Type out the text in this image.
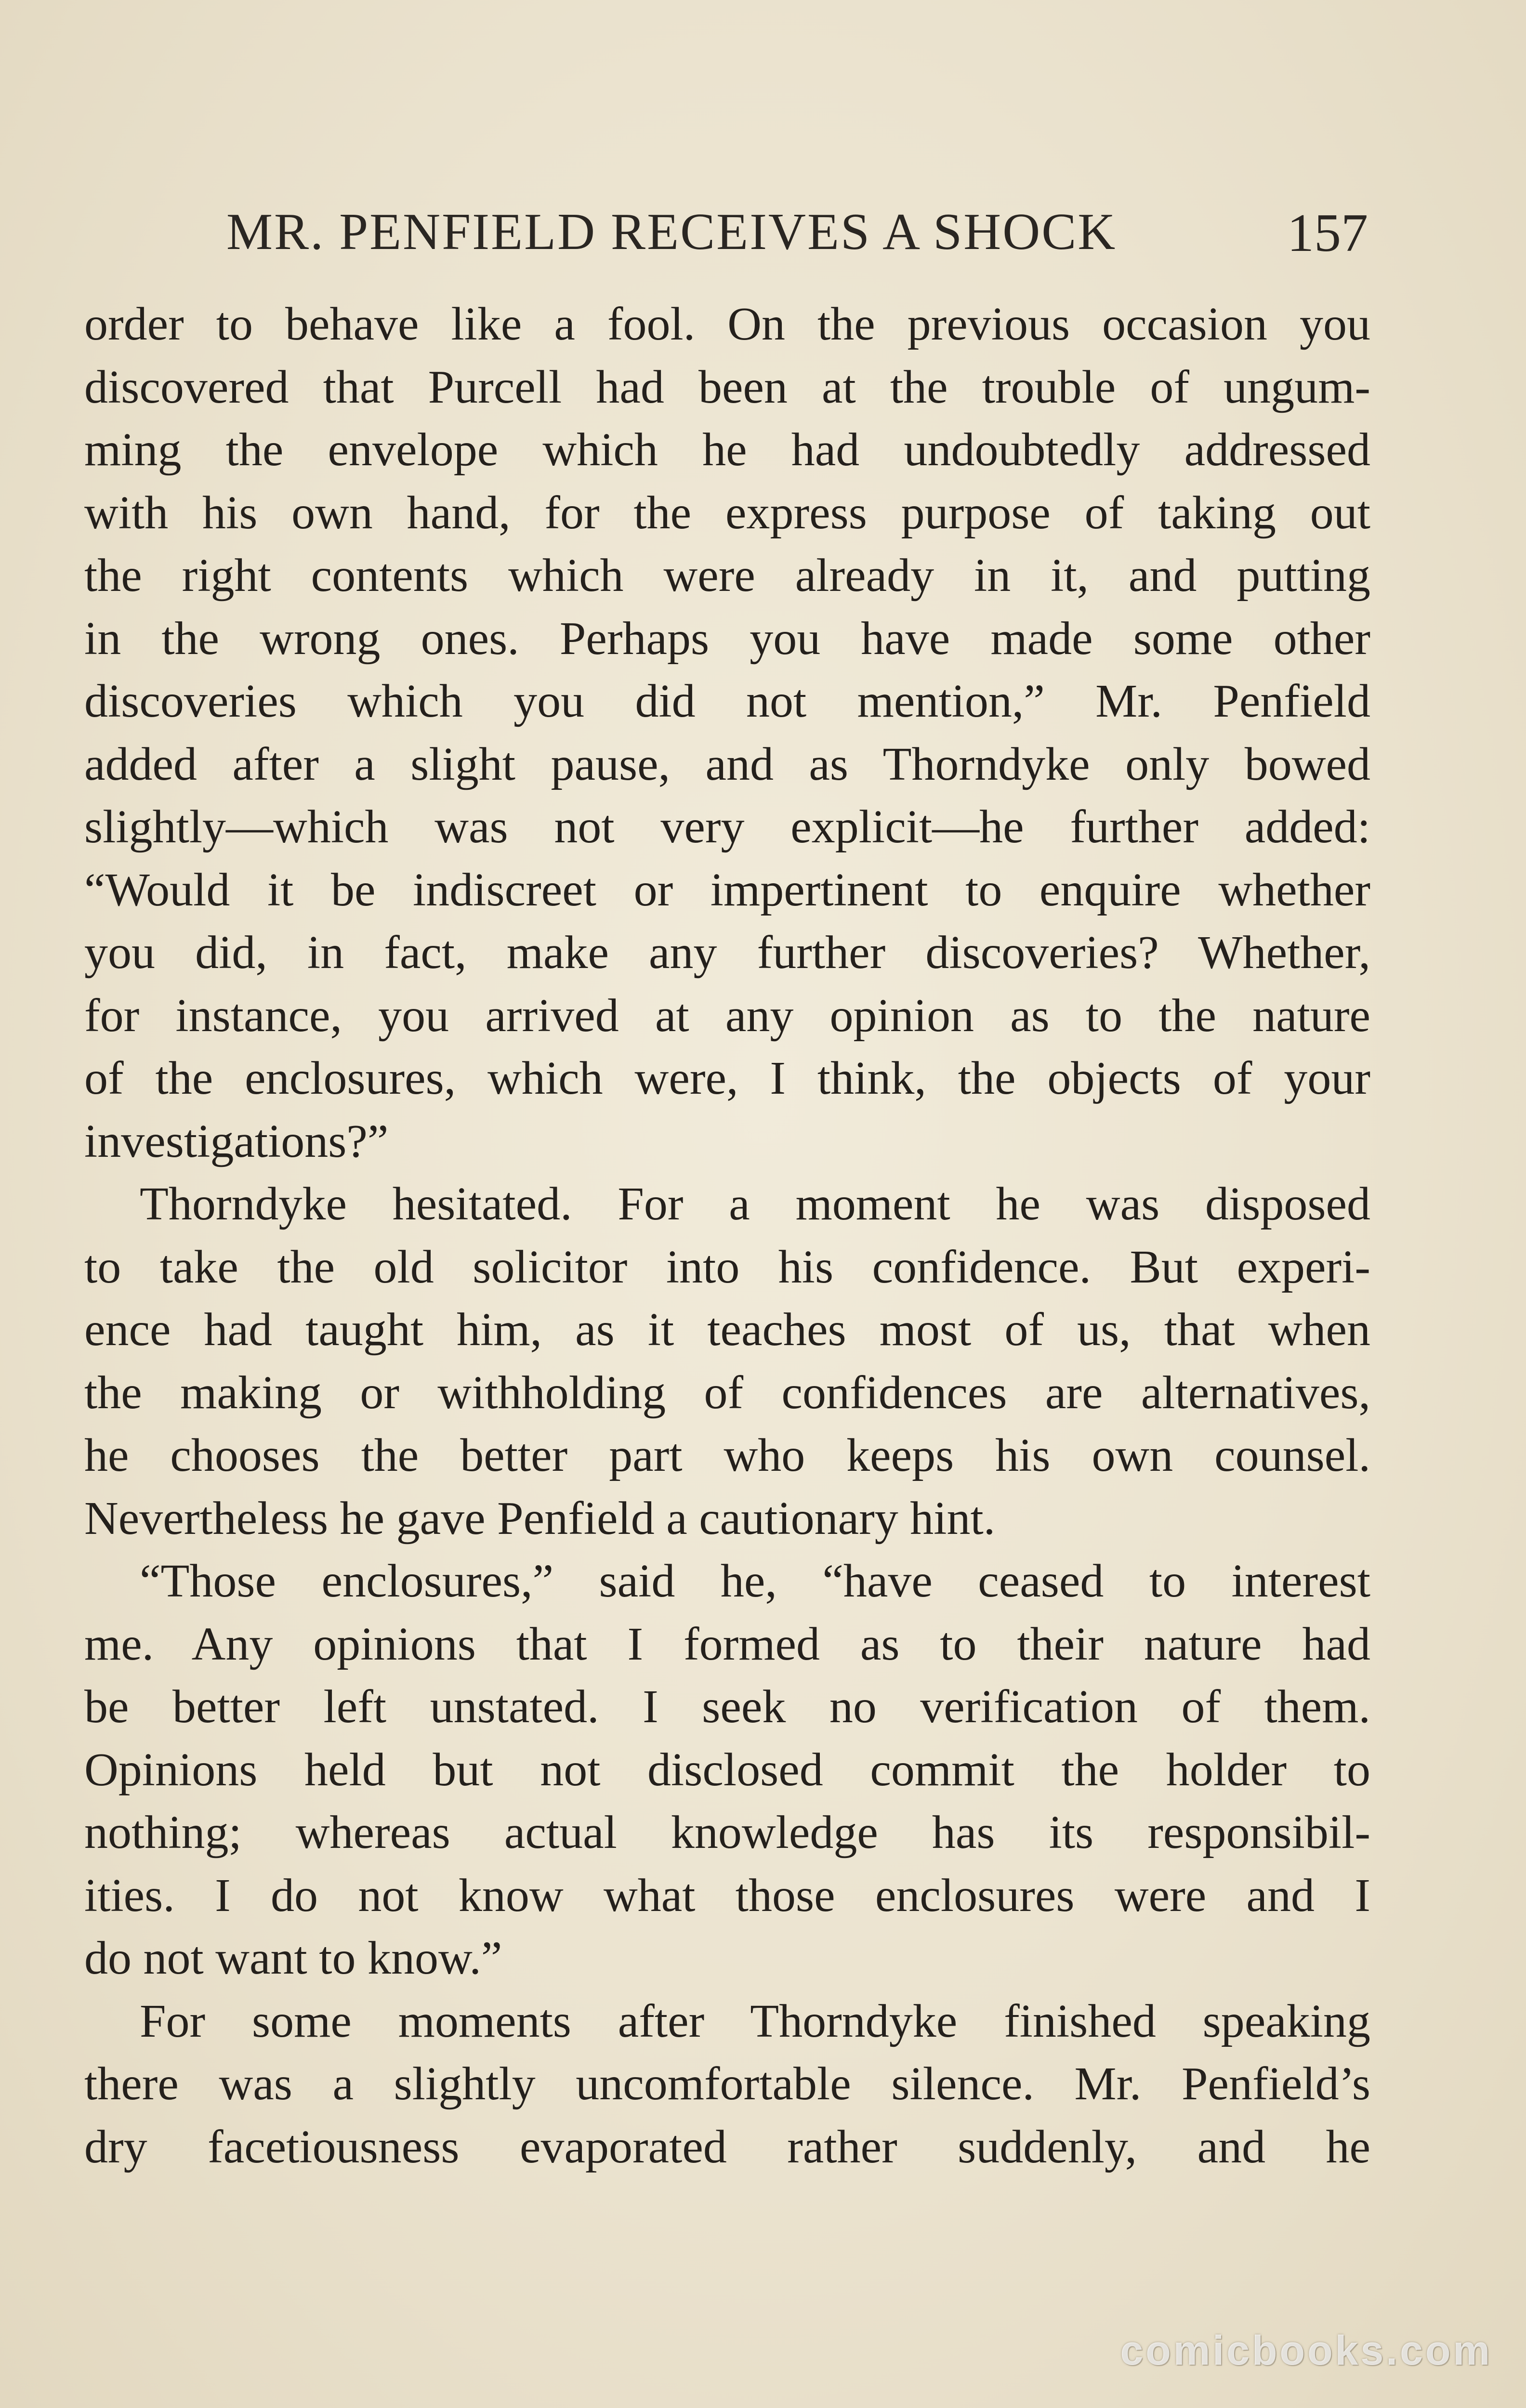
MR. PENFIELD RECEIVES A SHOCK	157
order to behave like a fool. On the previous occasion you
discovered that Purcell had been at the trouble of ungum-
ming the envelope which he had undoubtedly addressed
with his own hand, for the express purpose of taking out
the right contents which were already in it, and putting
in the wrong ones. Perhaps you have made some other
discoveries which you did not mention,” Mr. Penfield
added after a slight pause, and as Thorndyke only bowed
slightly—which was not very explicit—he further added:
“Would it be indiscreet or impertinent to enquire whether
you did, in fact, make any further discoveries? Whether,
for instance, you arrived at any opinion as to the nature
of the enclosures, which were, I think, the objects of your
investigations?”
Thorndyke hesitated. For a moment he was disposed
to take the old solicitor into his confidence. But experi-
ence had taught him, as it teaches most of us, that when
the making or withholding of confidences are alternatives,
he chooses the better part who keeps his own counsel.
Nevertheless he gave Penfield a cautionary hint.
“Those enclosures,” said he, “have ceased to interest
me. Any opinions that I formed as to their nature had
be better left unstated. I seek no verification of them.
Opinions held but not disclosed commit the holder to
nothing; whereas actual knowledge has its responsibil-
ities. I do not know what those enclosures were and I
do not want to know.”
For some moments after Thorndyke finished speaking
there was a slightly uncomfortable silence. Mr. Penfield’s
dry facetiousness evaporated rather suddenly, and he
comicbooks.com
